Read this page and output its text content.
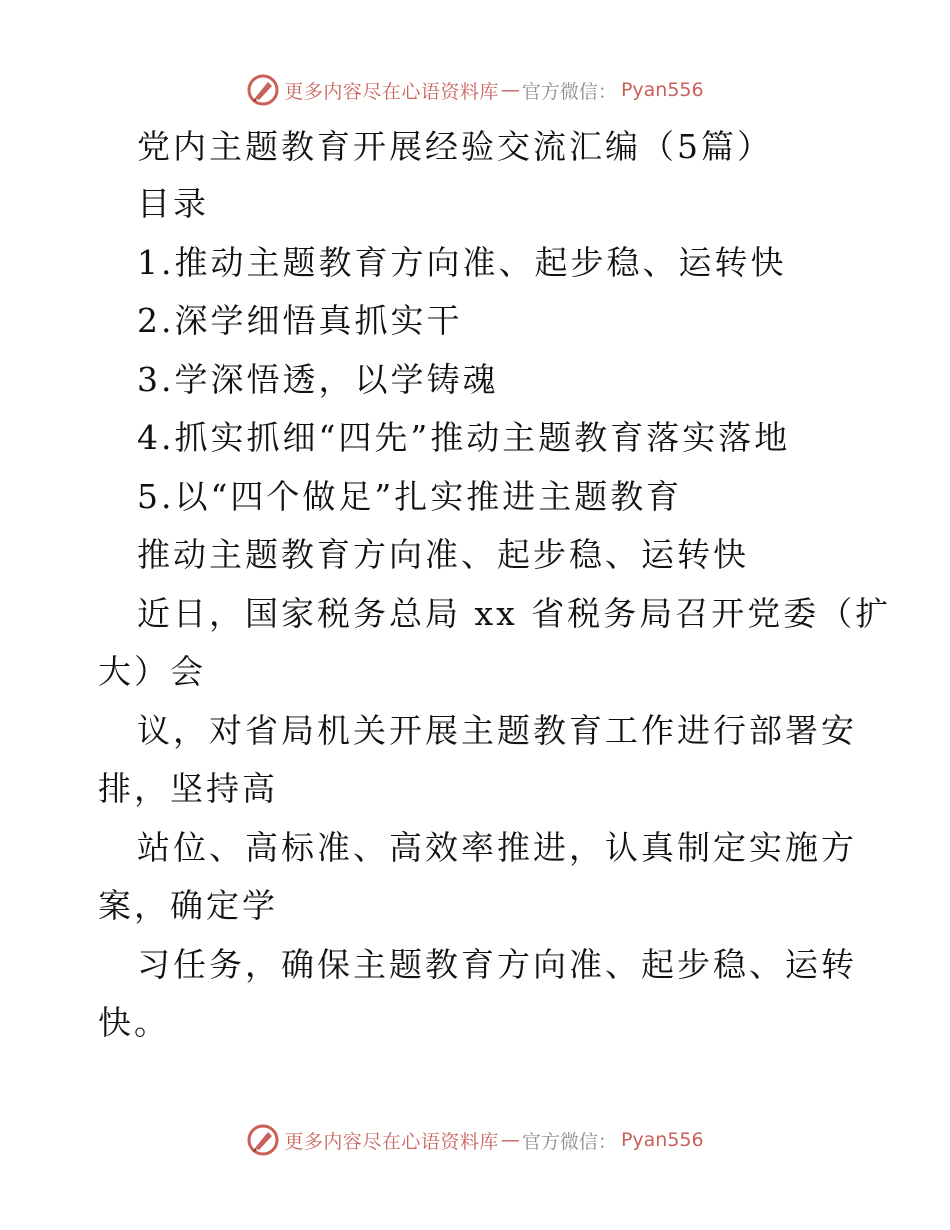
更多内容尽在心语资料库 — 官方微信： Pyan556
党内主题教育开展经验交流汇编（5篇）
目录
1.推动主题教育方向准、起步稳、运转快
2.深学细悟真抓实干
3.学深悟透，以学铸魂
4.抓实抓细“四先”推动主题教育落实落地
5.以“四个做足”扎实推进主题教育
推动主题教育方向准、起步稳、运转快
近日，国家税务总局 xx 省税务局召开党委（扩
大）会
议，对省局机关开展主题教育工作进行部署安
排，坚持高
站位、高标准、高效率推进，认真制定实施方
案，确定学
习任务，确保主题教育方向准、起步稳、运转
快。
更多内容尽在心语资料库 — 官方微信： Pyan556
